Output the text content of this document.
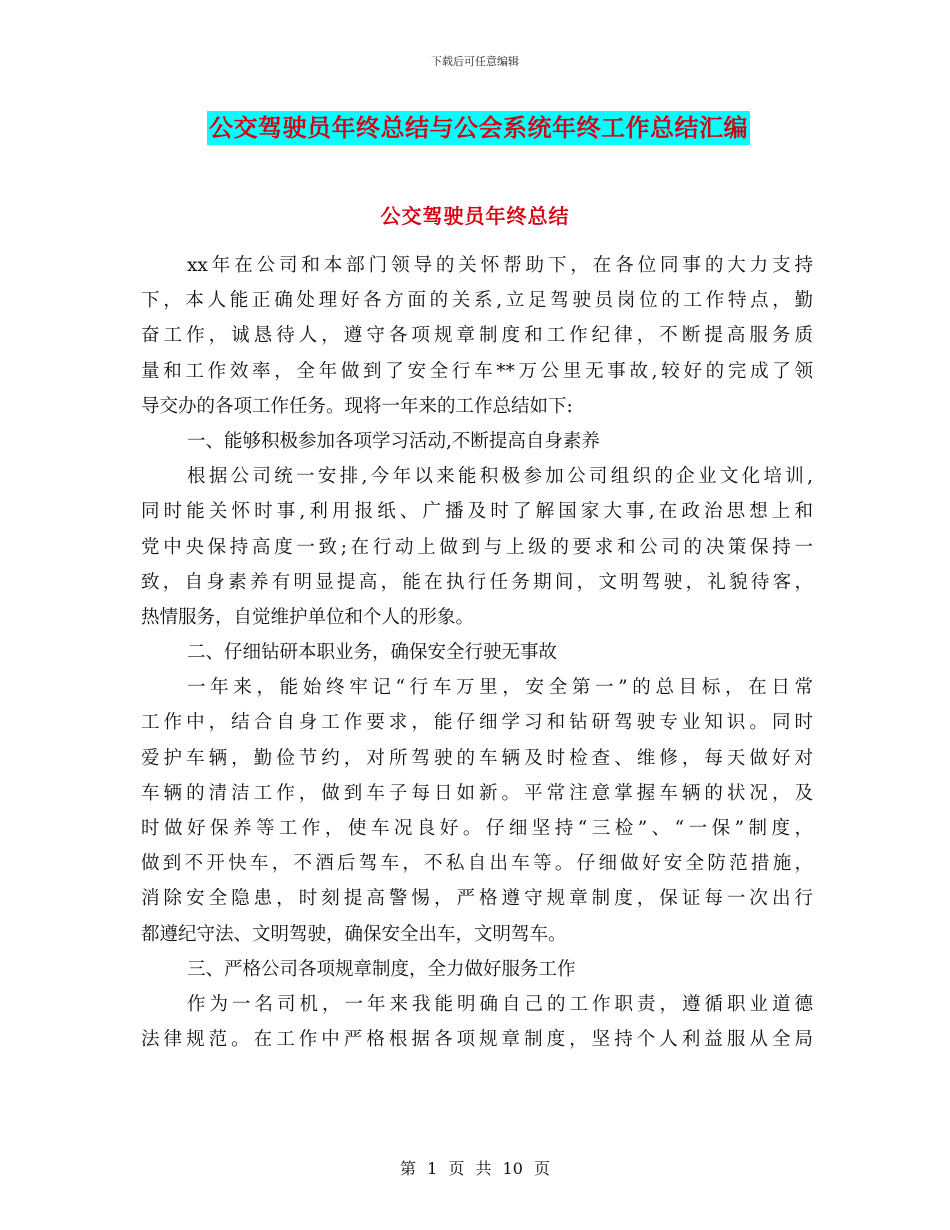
下载后可任意编辑
公交驾驶员年终总结与公会系统年终工作总结汇编
公交驾驶员年终总结
xx年在公司和本部门领导的关怀帮助下，在各位同事的大力支持
下，本人能正确处理好各方面的关系,立足驾驶员岗位的工作特点，勤
奋工作，诚恳待人，遵守各项规章制度和工作纪律，不断提高服务质
量和工作效率，全年做到了安全行车**万公里无事故,较好的完成了领
导交办的各项工作任务。现将一年来的工作总结如下:
一、能够积极参加各项学习活动,不断提高自身素养
根据公司统一安排,今年以来能积极参加公司组织的企业文化培训,
同时能关怀时事,利用报纸、广播及时了解国家大事,在政治思想上和
党中央保持高度一致;在行动上做到与上级的要求和公司的决策保持一
致，自身素养有明显提高，能在执行任务期间，文明驾驶，礼貌待客，
热情服务，自觉维护单位和个人的形象。
二、仔细钻研本职业务，确保安全行驶无事故
一年来，能始终牢记“行车万里，安全第一”的总目标，在日常
工作中，结合自身工作要求，能仔细学习和钻研驾驶专业知识。同时
爱护车辆，勤俭节约，对所驾驶的车辆及时检查、维修，每天做好对
车辆的清洁工作，做到车子每日如新。平常注意掌握车辆的状况，及
时做好保养等工作，使车况良好。仔细坚持“三检”、“一保”制度，
做到不开快车，不酒后驾车，不私自出车等。仔细做好安全防范措施，
消除安全隐患，时刻提高警惕，严格遵守规章制度，保证每一次出行
都遵纪守法、文明驾驶，确保安全出车，文明驾车。
三、严格公司各项规章制度，全力做好服务工作
作为一名司机，一年来我能明确自己的工作职责，遵循职业道德
法律规范。在工作中严格根据各项规章制度，坚持个人利益服从全局
第 1 页 共 10 页
